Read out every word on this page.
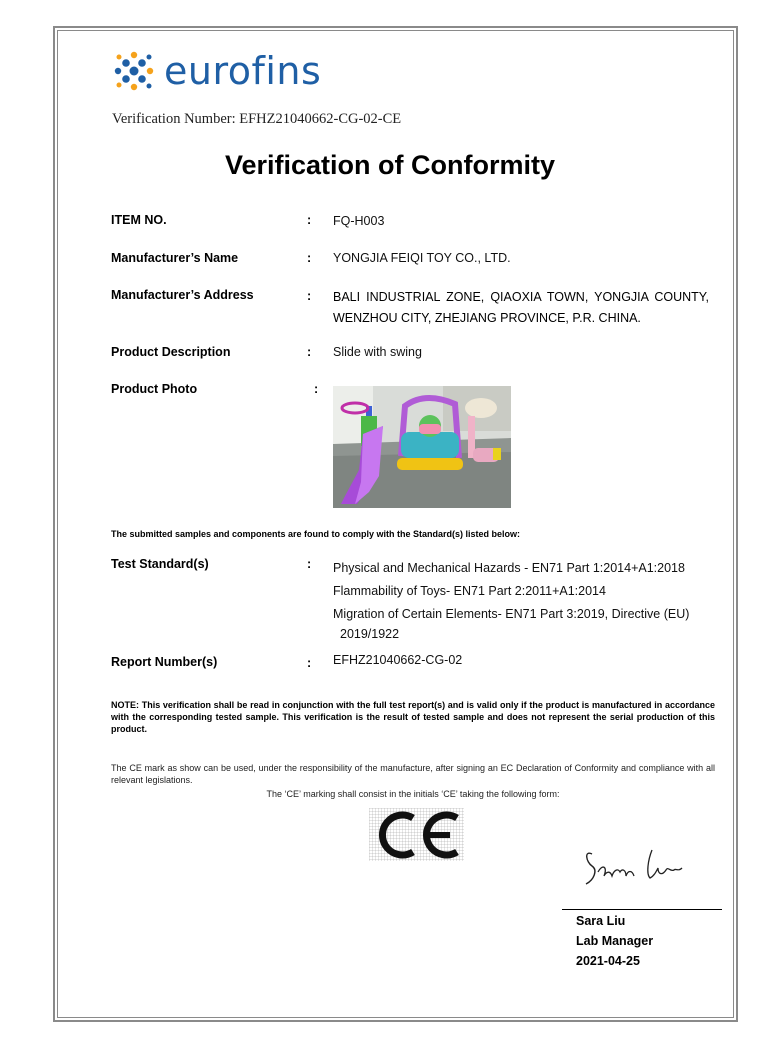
eurofins
Verification Number: EFHZ21040662-CG-02-CE
Verification of Conformity
ITEM NO.	: FQ-H003
Manufacturer’s Name	: YONGJIA FEIQI TOY CO., LTD.
Manufacturer’s Address	: BALI INDUSTRIAL ZONE, QIAOXIA TOWN, YONGJIA COUNTY, WENZHOU CITY, ZHEJIANG PROVINCE, P.R. CHINA.
Product Description	: Slide with swing
Product Photo	:
The submitted samples and components are found to comply with the Standard(s) listed below:
Test Standard(s)	: Physical and Mechanical Hazards - EN71 Part 1:2014+A1:2018
Flammability of Toys- EN71 Part 2:2011+A1:2014
Migration of Certain Elements- EN71 Part 3:2019, Directive (EU)
2019/1922
Report Number(s)	: EFHZ21040662-CG-02
NOTE: This verification shall be read in conjunction with the full test report(s) and is valid only if the product is manufactured in accordance with the corresponding tested sample. This verification is the result of tested sample and does not represent the serial production of this product.
The CE mark as show can be used, under the responsibility of the manufacture, after signing an EC Declaration of Conformity and compliance with all relevant legislations.
The ‘CE’ marking shall consist in the initials ‘CE’ taking the following form:
Sara Liu
Lab Manager
2021-04-25
